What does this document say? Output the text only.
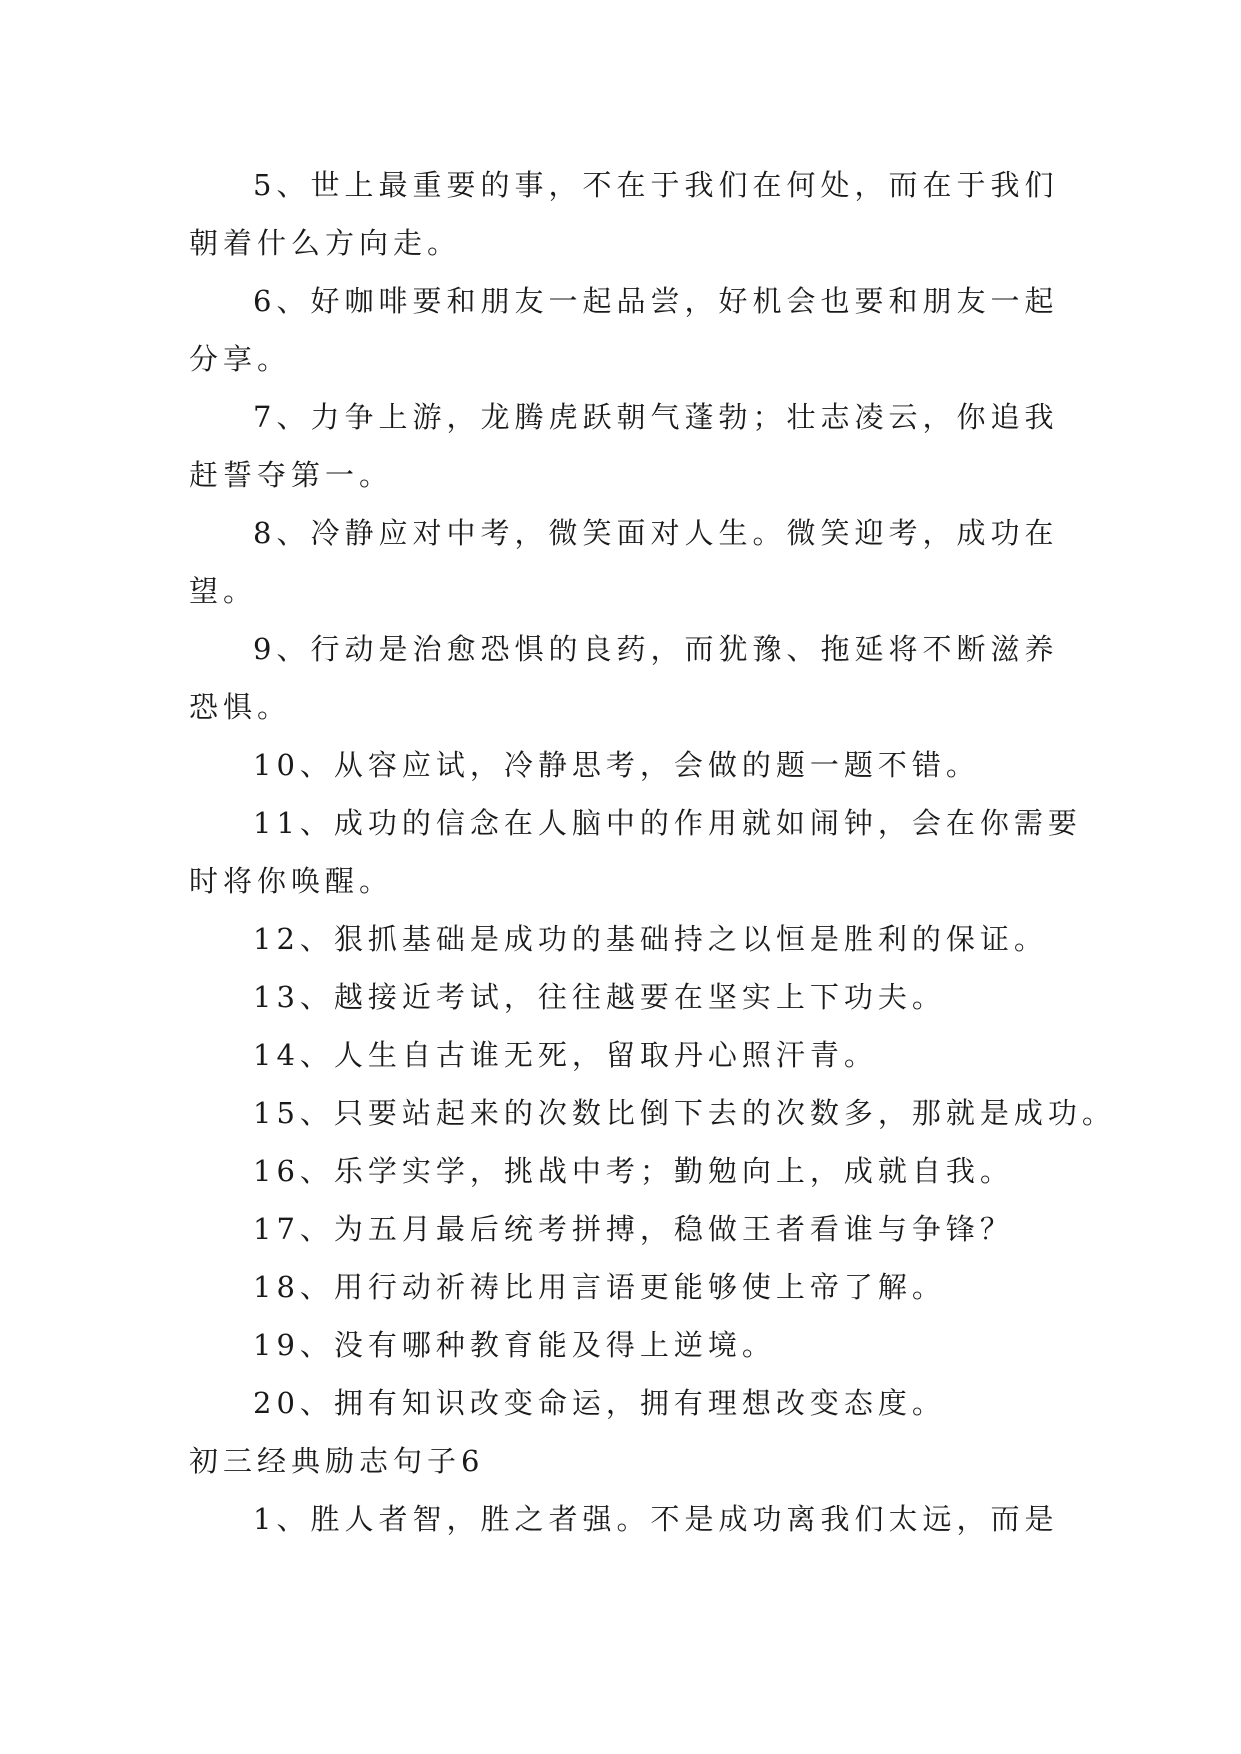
5、世上最重要的事，不在于我们在何处，而在于我们
朝着什么方向走。
6、好咖啡要和朋友一起品尝，好机会也要和朋友一起
分享。
7、力争上游，龙腾虎跃朝气蓬勃；壮志凌云，你追我
赶誓夺第一。
8、冷静应对中考，微笑面对人生。微笑迎考，成功在
望。
9、行动是治愈恐惧的良药，而犹豫、拖延将不断滋养
恐惧。
10、从容应试，冷静思考，会做的题一题不错。
11、成功的信念在人脑中的作用就如闹钟，会在你需要
时将你唤醒。
12、狠抓基础是成功的基础持之以恒是胜利的保证。
13、越接近考试，往往越要在坚实上下功夫。
14、人生自古谁无死，留取丹心照汗青。
15、只要站起来的次数比倒下去的次数多，那就是成功。
16、乐学实学，挑战中考；勤勉向上，成就自我。
17、为五月最后统考拼搏，稳做王者看谁与争锋？
18、用行动祈祷比用言语更能够使上帝了解。
19、没有哪种教育能及得上逆境。
20、拥有知识改变命运，拥有理想改变态度。
初三经典励志句子6
1、胜人者智，胜之者强。不是成功离我们太远，而是
